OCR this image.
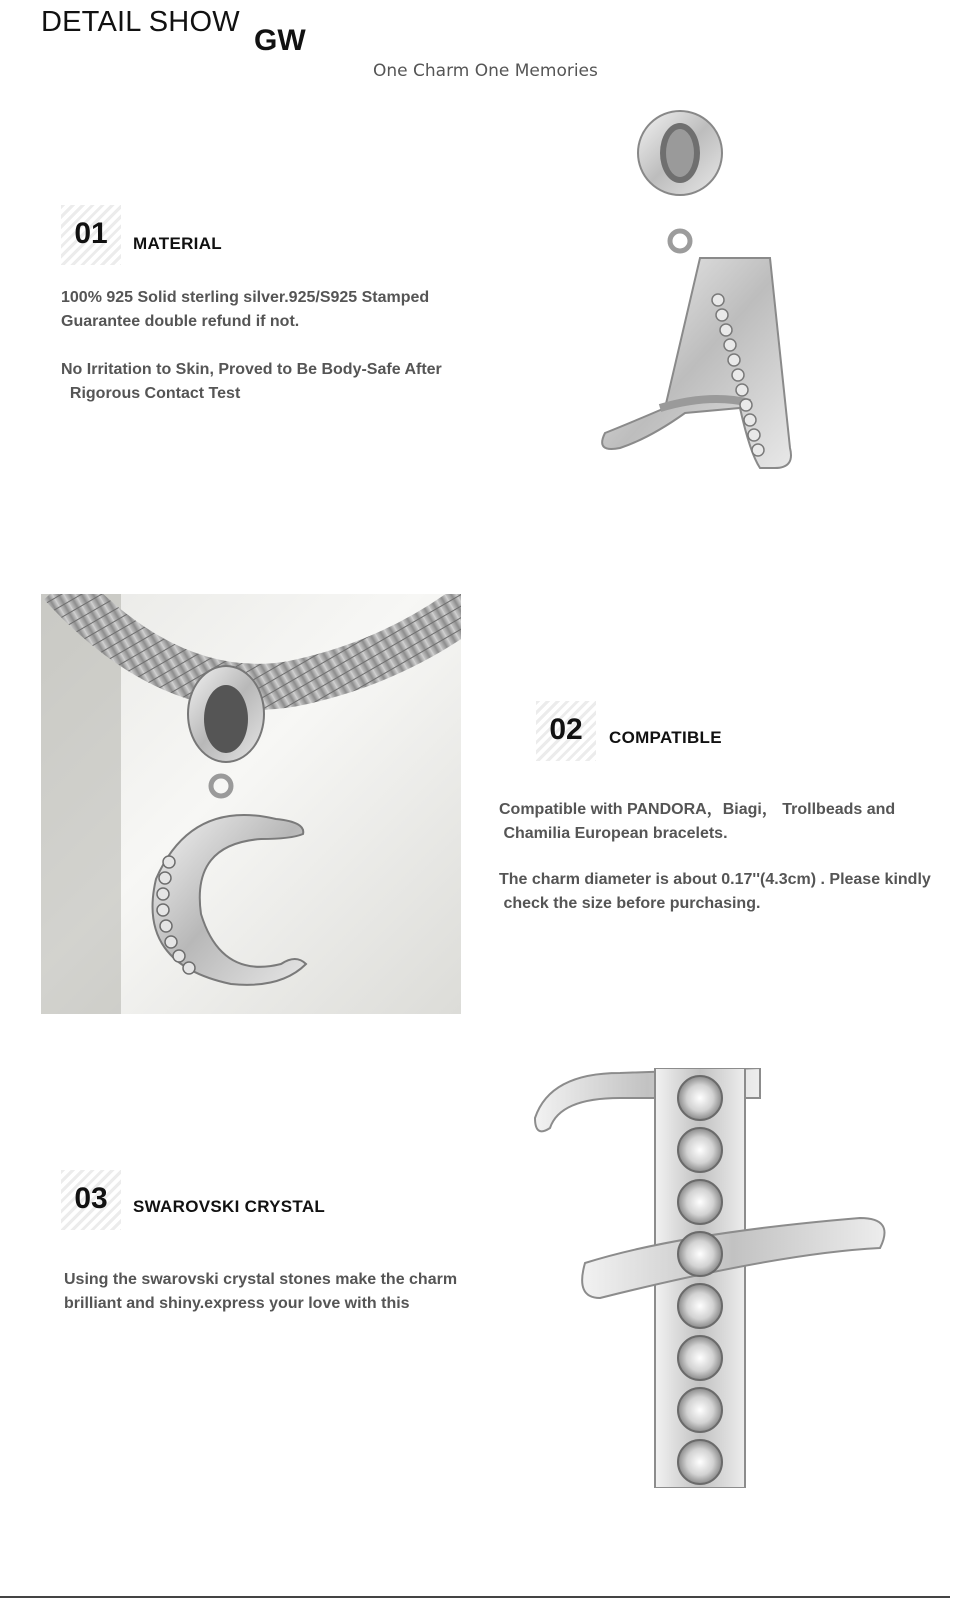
DETAIL SHOW
GW
One Charm One Memories
01	MATERIAL
100% 925 Solid sterling silver.925/S925 Stamped
Guarantee double refund if not.
No Irritation to Skin, Proved to Be Body-Safe After
Rigorous Contact Test
02	COMPATIBLE
Compatible with PANDORA，Biagi， Trollbeads and
Chamilia European bracelets.
The charm diameter is about 0.17''(4.3cm) . Please kindly
check the size before purchasing.
03	SWAROVSKI CRYSTAL
Using the swarovski crystal stones make the charm
brilliant and shiny.express your love with this
